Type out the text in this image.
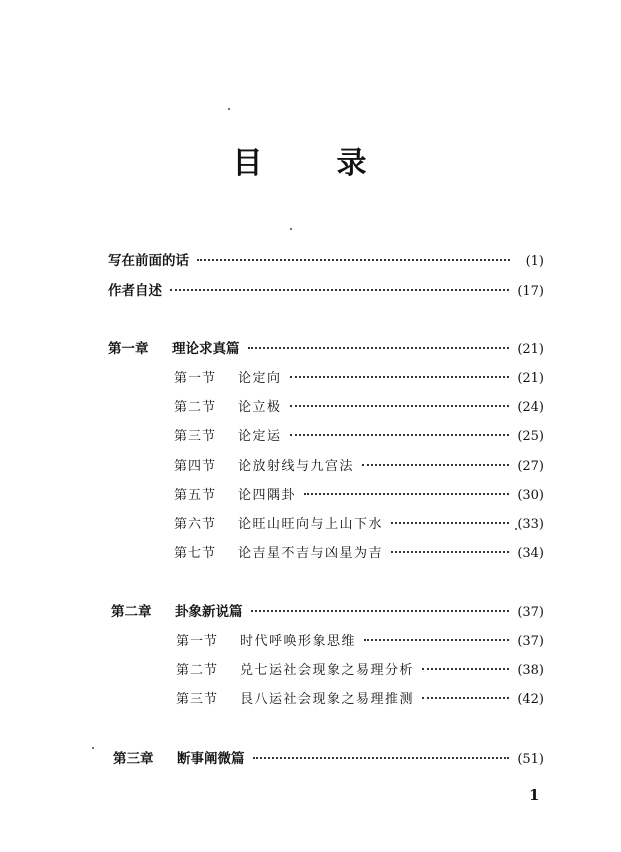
目　录
写在前面的话	(1)
作者自述	(17)
第一章	理论求真篇	(21)
第一节	论定向	(21)
第二节	论立极	(24)
第三节	论定运	(25)
第四节	论放射线与九宫法	(27)
第五节	论四隅卦	(30)
第六节	论旺山旺向与上山下水	(33)
第七节	论吉星不吉与凶星为吉	(34)
第二章	卦象新说篇	(37)
第一节	时代呼唤形象思维	(37)
第二节	兑七运社会现象之易理分析	(38)
第三节	艮八运社会现象之易理推测	(42)
第三章	断事阐微篇	(51)
1
